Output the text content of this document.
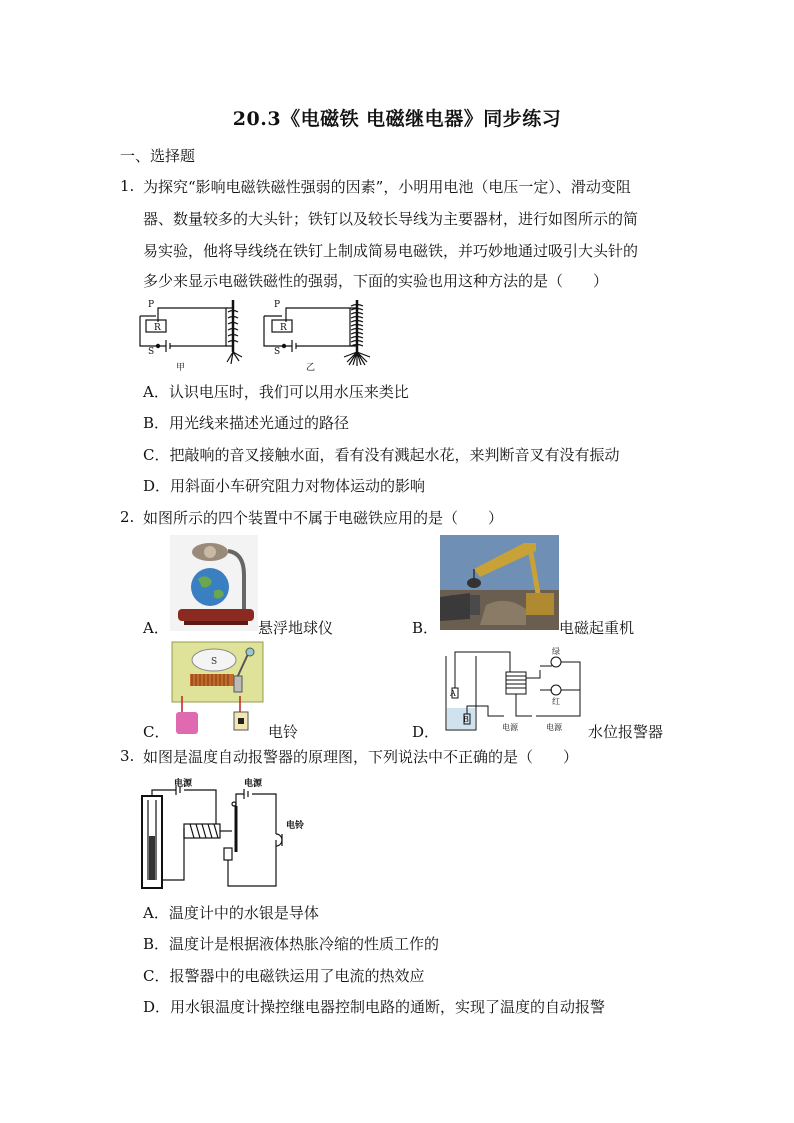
20.3《电磁铁 电磁继电器》同步练习
一、选择题
1. 为探究“影响电磁铁磁性强弱的因素”，小明用电池（电压一定）、滑动变阻
器、数量较多的大头针；铁钉以及较长导线为主要器材，进行如图所示的简
易实验，他将导线绕在铁钉上制成简易电磁铁，并巧妙地通过吸引大头针的
多少来显示电磁铁磁性的强弱，下面的实验也用这种方法的是（　　）
P
R
S
甲
P
R
S
乙
A．认识电压时，我们可以用水压来类比
B．用光线来描述光通过的路径
C．把敲响的音叉接触水面，看有没有溅起水花，来判断音叉有没有振动
D．用斜面小车研究阻力对物体运动的影响
2. 如图所示的四个装置中不属于电磁铁应用的是（　　）
A．	悬浮地球仪	B．	电磁起重机
S
C．	电铃
A
B
绿
红
电源	电源
D．	水位报警器
3. 如图是温度自动报警器的原理图，下列说法中不正确的是（　　）
电源	电源
电铃
A．温度计中的水银是导体
B．温度计是根据液体热胀冷缩的性质工作的
C．报警器中的电磁铁运用了电流的热效应
D．用水银温度计操控继电器控制电路的通断，实现了温度的自动报警
